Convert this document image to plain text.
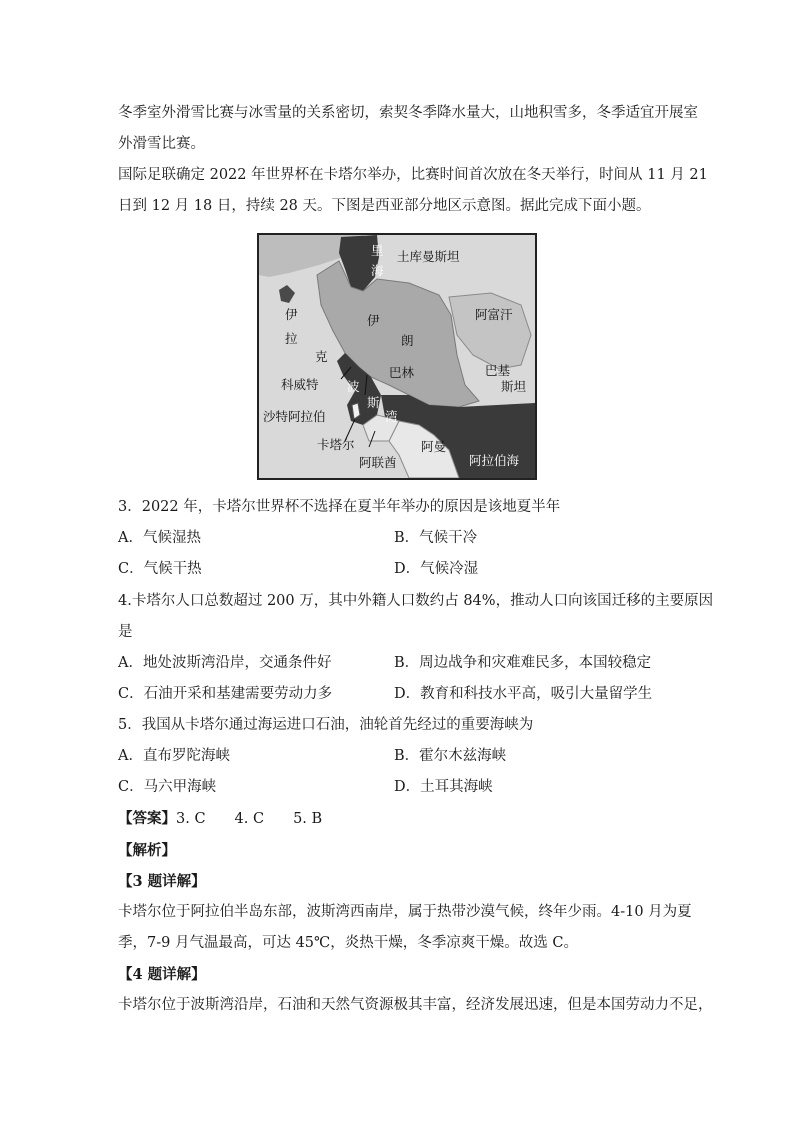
冬季室外滑雪比赛与冰雪量的关系密切，索契冬季降水量大，山地积雪多，冬季适宜开展室

外滑雪比赛。

国际足联确定 2022 年世界杯在卡塔尔举办，比赛时间首次放在冬天举行，时间从 11 月 21

日到 12 月 18 日，持续 28 天。下图是西亚部分地区示意图。据此完成下面小题。

里
海
土库曼斯坦
伊
拉
克
伊
朗
阿富汗
巴基
斯坦
科威特
巴林
波
斯
湾
沙特阿拉伯
卡塔尔	阿曼
阿联酋	阿拉伯海

3．2022 年，卡塔尔世界杯不选择在夏半年举办的原因是该地夏半年

A．气候湿热	B．气候干冷
C．气候干热	D．气候冷湿

4.卡塔尔人口总数超过 200 万，其中外籍人口数约占 84%，推动人口向该国迁移的主要原因

是

A．地处波斯湾沿岸，交通条件好	B．周边战争和灾难难民多，本国较稳定
C．石油开采和基建需要劳动力多	D．教育和科技水平高，吸引大量留学生

5．我国从卡塔尔通过海运进口石油，油轮首先经过的重要海峡为

A．直布罗陀海峡	B．霍尔木兹海峡
C．马六甲海峡	D．土耳其海峡

【答案】3. C　　4. C　　5. B

【解析】

【3 题详解】

卡塔尔位于阿拉伯半岛东部，波斯湾西南岸，属于热带沙漠气候，终年少雨。4-10 月为夏

季，7-9 月气温最高，可达 45℃，炎热干燥，冬季凉爽干燥。故选 C。

【4 题详解】

卡塔尔位于波斯湾沿岸，石油和天然气资源极其丰富，经济发展迅速，但是本国劳动力不足，
